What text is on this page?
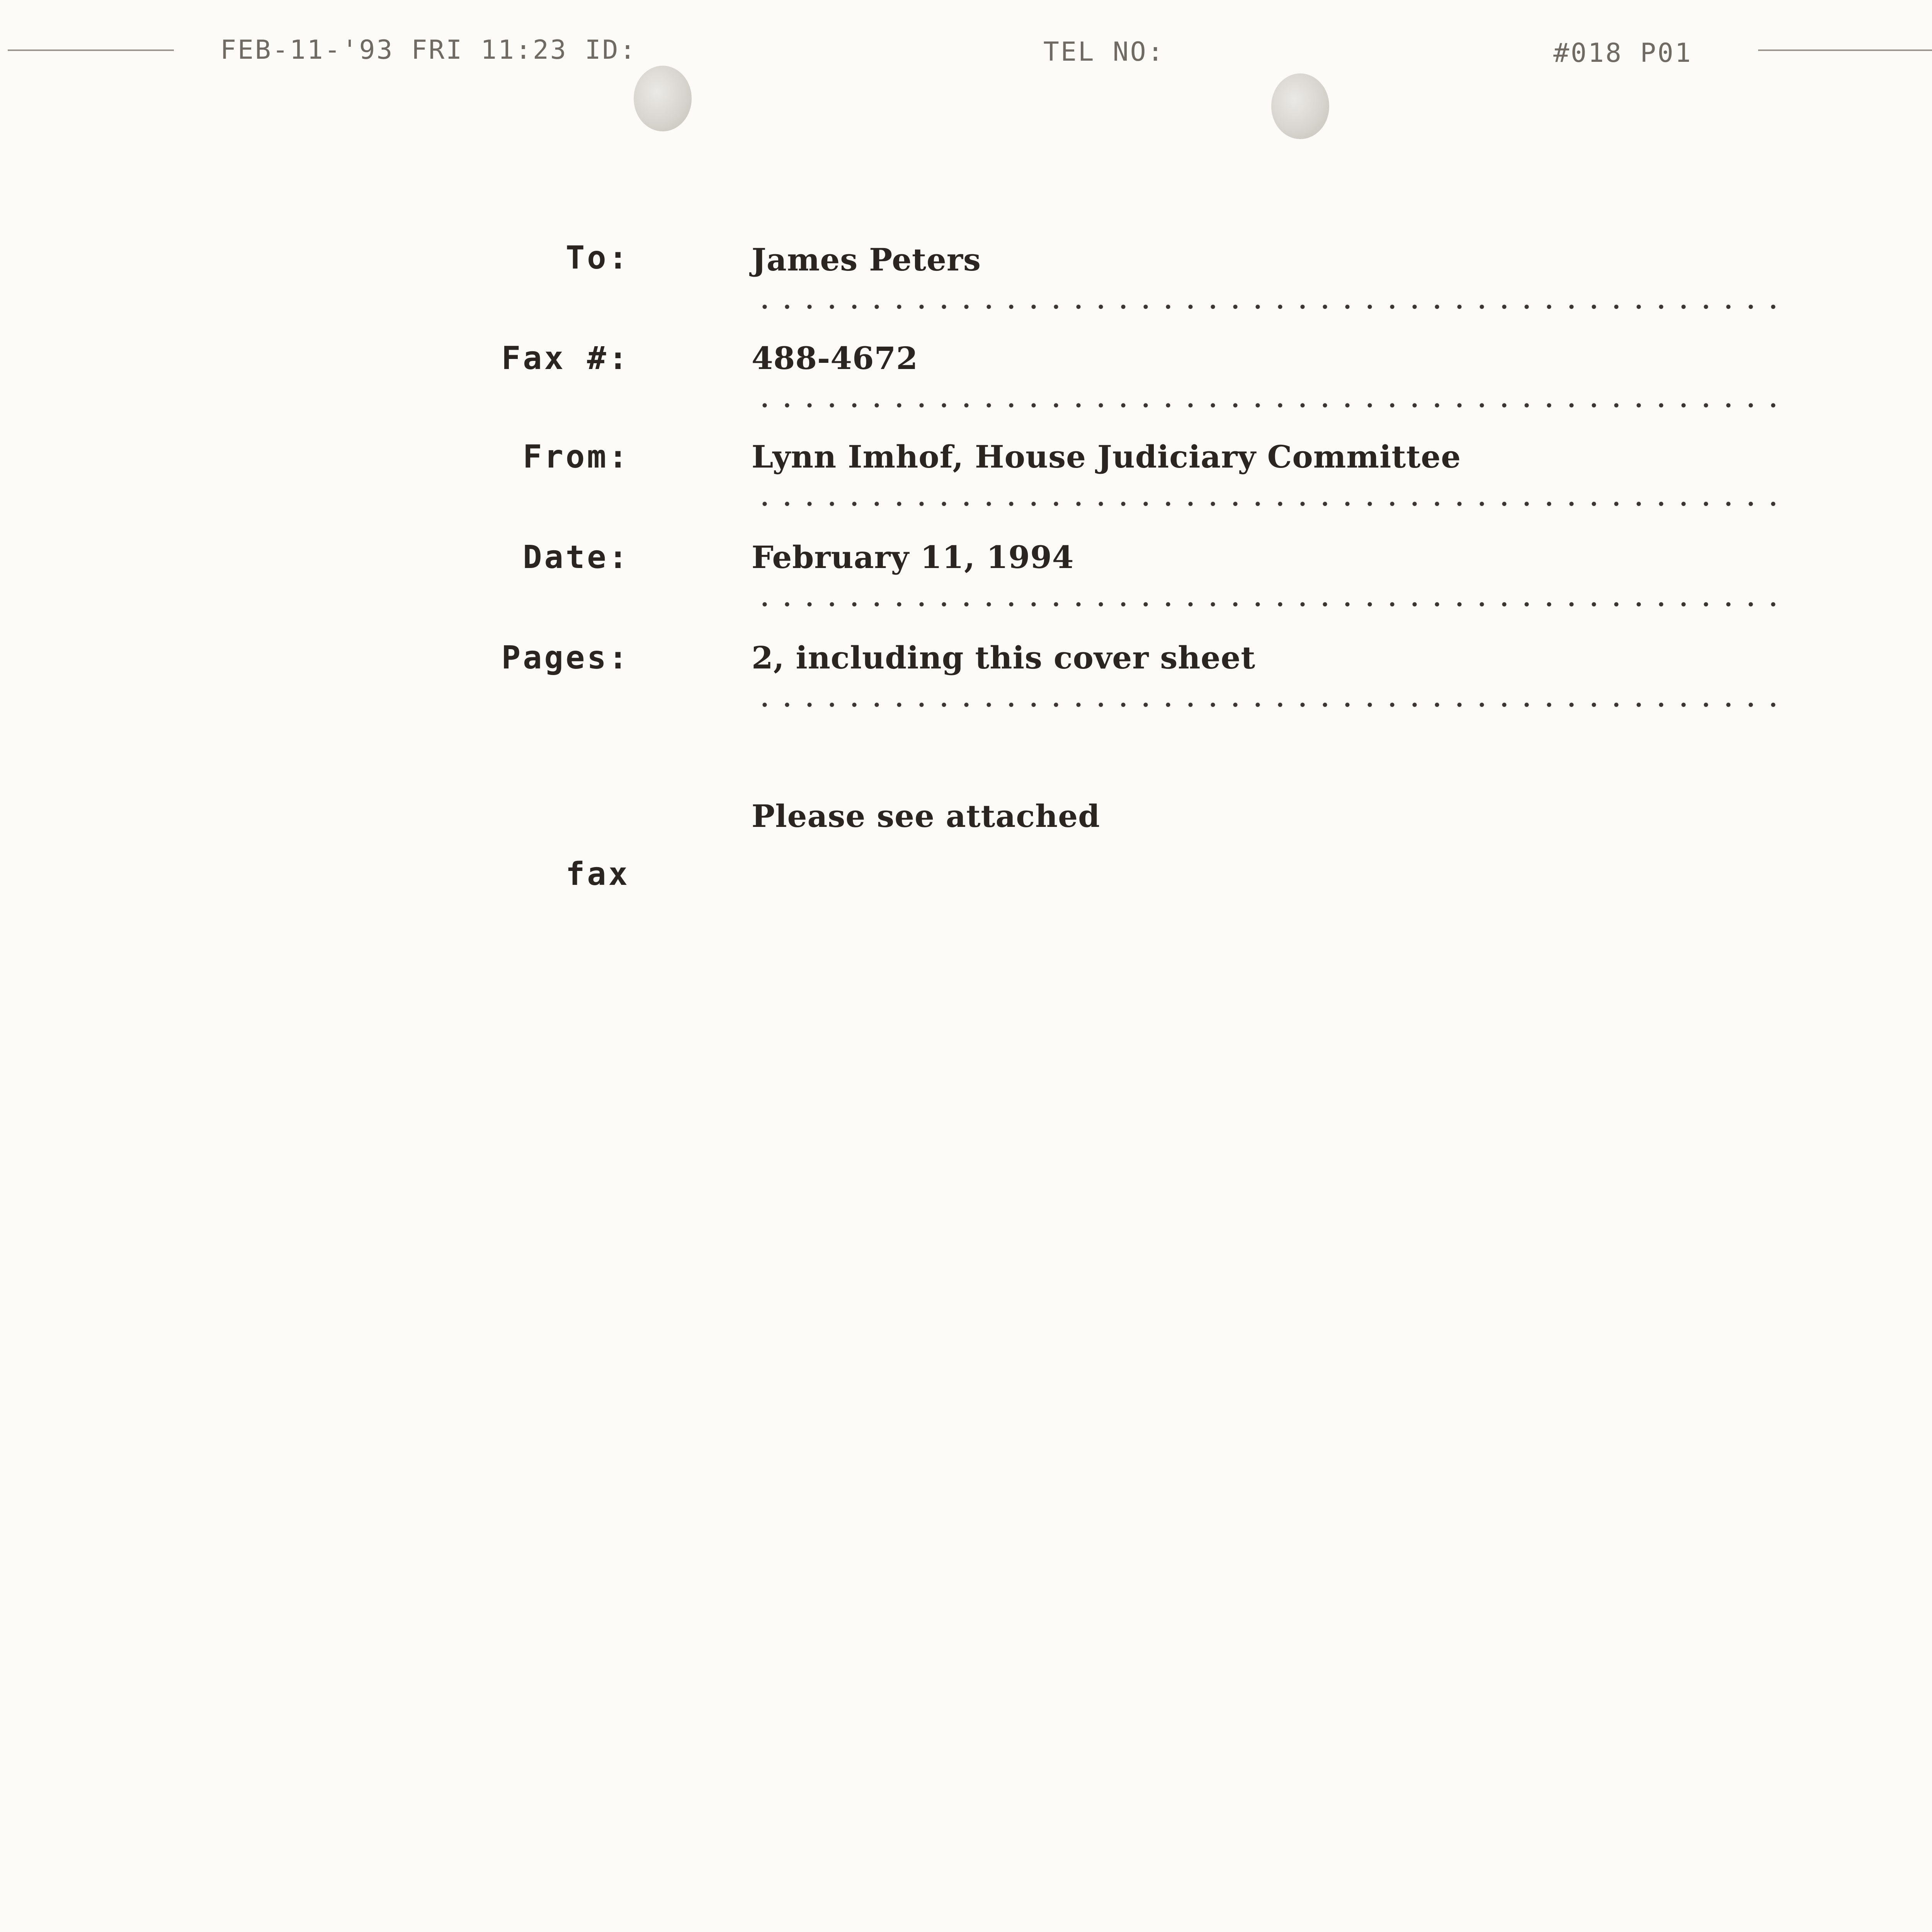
FEB-11-'93 FRI 11:23 ID:	TEL NO:	#018 P01
To:	James Peters
Fax #:	488-4672
From:	Lynn Imhof, House Judiciary Committee
Date:	February 11, 1994
Pages:	2, including this cover sheet
Please see attached
fax
